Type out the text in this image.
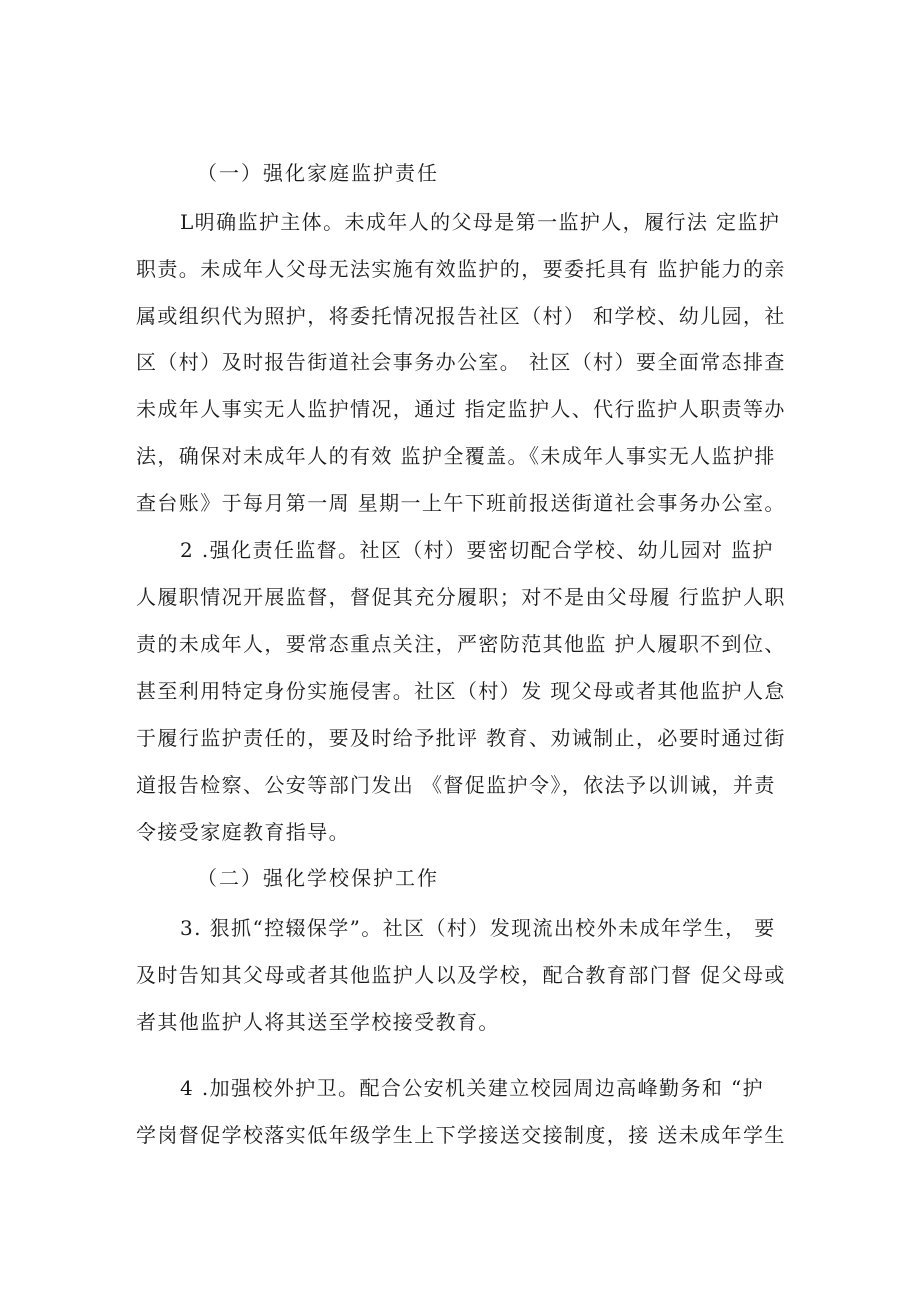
（一）强化家庭监护责任
L明确监护主体。未成年人的父母是第一监护人，履行法 定监护
职责。未成年人父母无法实施有效监护的，要委托具有 监护能力的亲
属或组织代为照护，将委托情况报告社区（村） 和学校、幼儿园，社
区（村）及时报告街道社会事务办公室。 社区（村）要全面常态排查
未成年人事实无人监护情况，通过 指定监护人、代行监护人职责等办
法，确保对未成年人的有效 监护全覆盖。《未成年人事实无人监护排
查台账》于每月第一周 星期一上午下班前报送街道社会事务办公室。
2 .强化责任监督。社区（村）要密切配合学校、幼儿园对 监护
人履职情况开展监督，督促其充分履职；对不是由父母履 行监护人职
责的未成年人，要常态重点关注，严密防范其他监 护人履职不到位、
甚至利用特定身份实施侵害。社区（村）发 现父母或者其他监护人怠
于履行监护责任的，要及时给予批评 教育、劝诫制止，必要时通过街
道报告检察、公安等部门发出 《督促监护令》，依法予以训诫，并责
令接受家庭教育指导。
（二）强化学校保护工作
3. 狠抓“控辍保学”。社区（村）发现流出校外未成年学生， 要
及时告知其父母或者其他监护人以及学校，配合教育部门督 促父母或
者其他监护人将其送至学校接受教育。
4 .加强校外护卫。配合公安机关建立校园周边高峰勤务和 “护
学岗督促学校落实低年级学生上下学接送交接制度，接 送未成年学生
